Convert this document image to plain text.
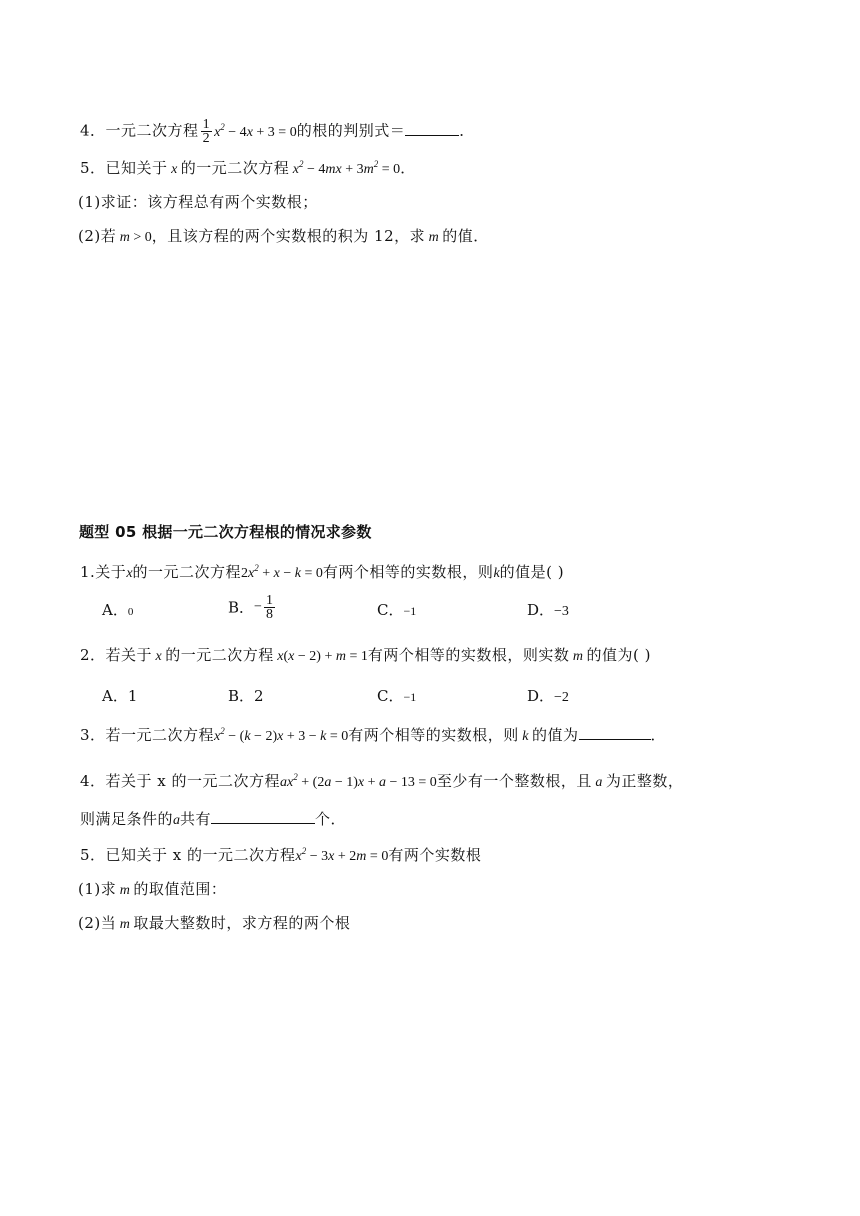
4．一元二次方程 $\frac{1}{2} x^2 - 4x + 3 = 0$的根的判别式＝	．
5．已知关于 x 的一元二次方程 $x^2 - 4mx + 3m^2 = 0$．
(1)求证：该方程总有两个实数根；
(2)若 m > 0，且该方程的两个实数根的积为 12，求 m 的值．
题型 05 根据一元二次方程根的情况求参数
1.关于x的一元二次方程$2x^2 + x - k = 0$有两个相等的实数根，则k的值是( )
A．0	B．− $\frac{1}{8}$	C．−1	D．−3
2．若关于 x 的一元二次方程 x(x − 2) + m = 1有两个相等的实数根，则实数 m 的值为( )
A．1	B．2	C．−1	D．−2
3．若一元二次方程$x^2 - (k - 2)x + 3 - k = 0$有两个相等的实数根，则 k 的值为	．
4．若关于 x 的一元二次方程$ax^2 + (2a - 1)x + a - 13 = 0$至少有一个整数根，且 a 为正整数，
则满足条件的a共有	个．
5．已知关于 x 的一元二次方程$x^2 - 3x + 2m = 0$有两个实数根
(1)求 m 的取值范围：
(2)当 m 取最大整数时，求方程的两个根
